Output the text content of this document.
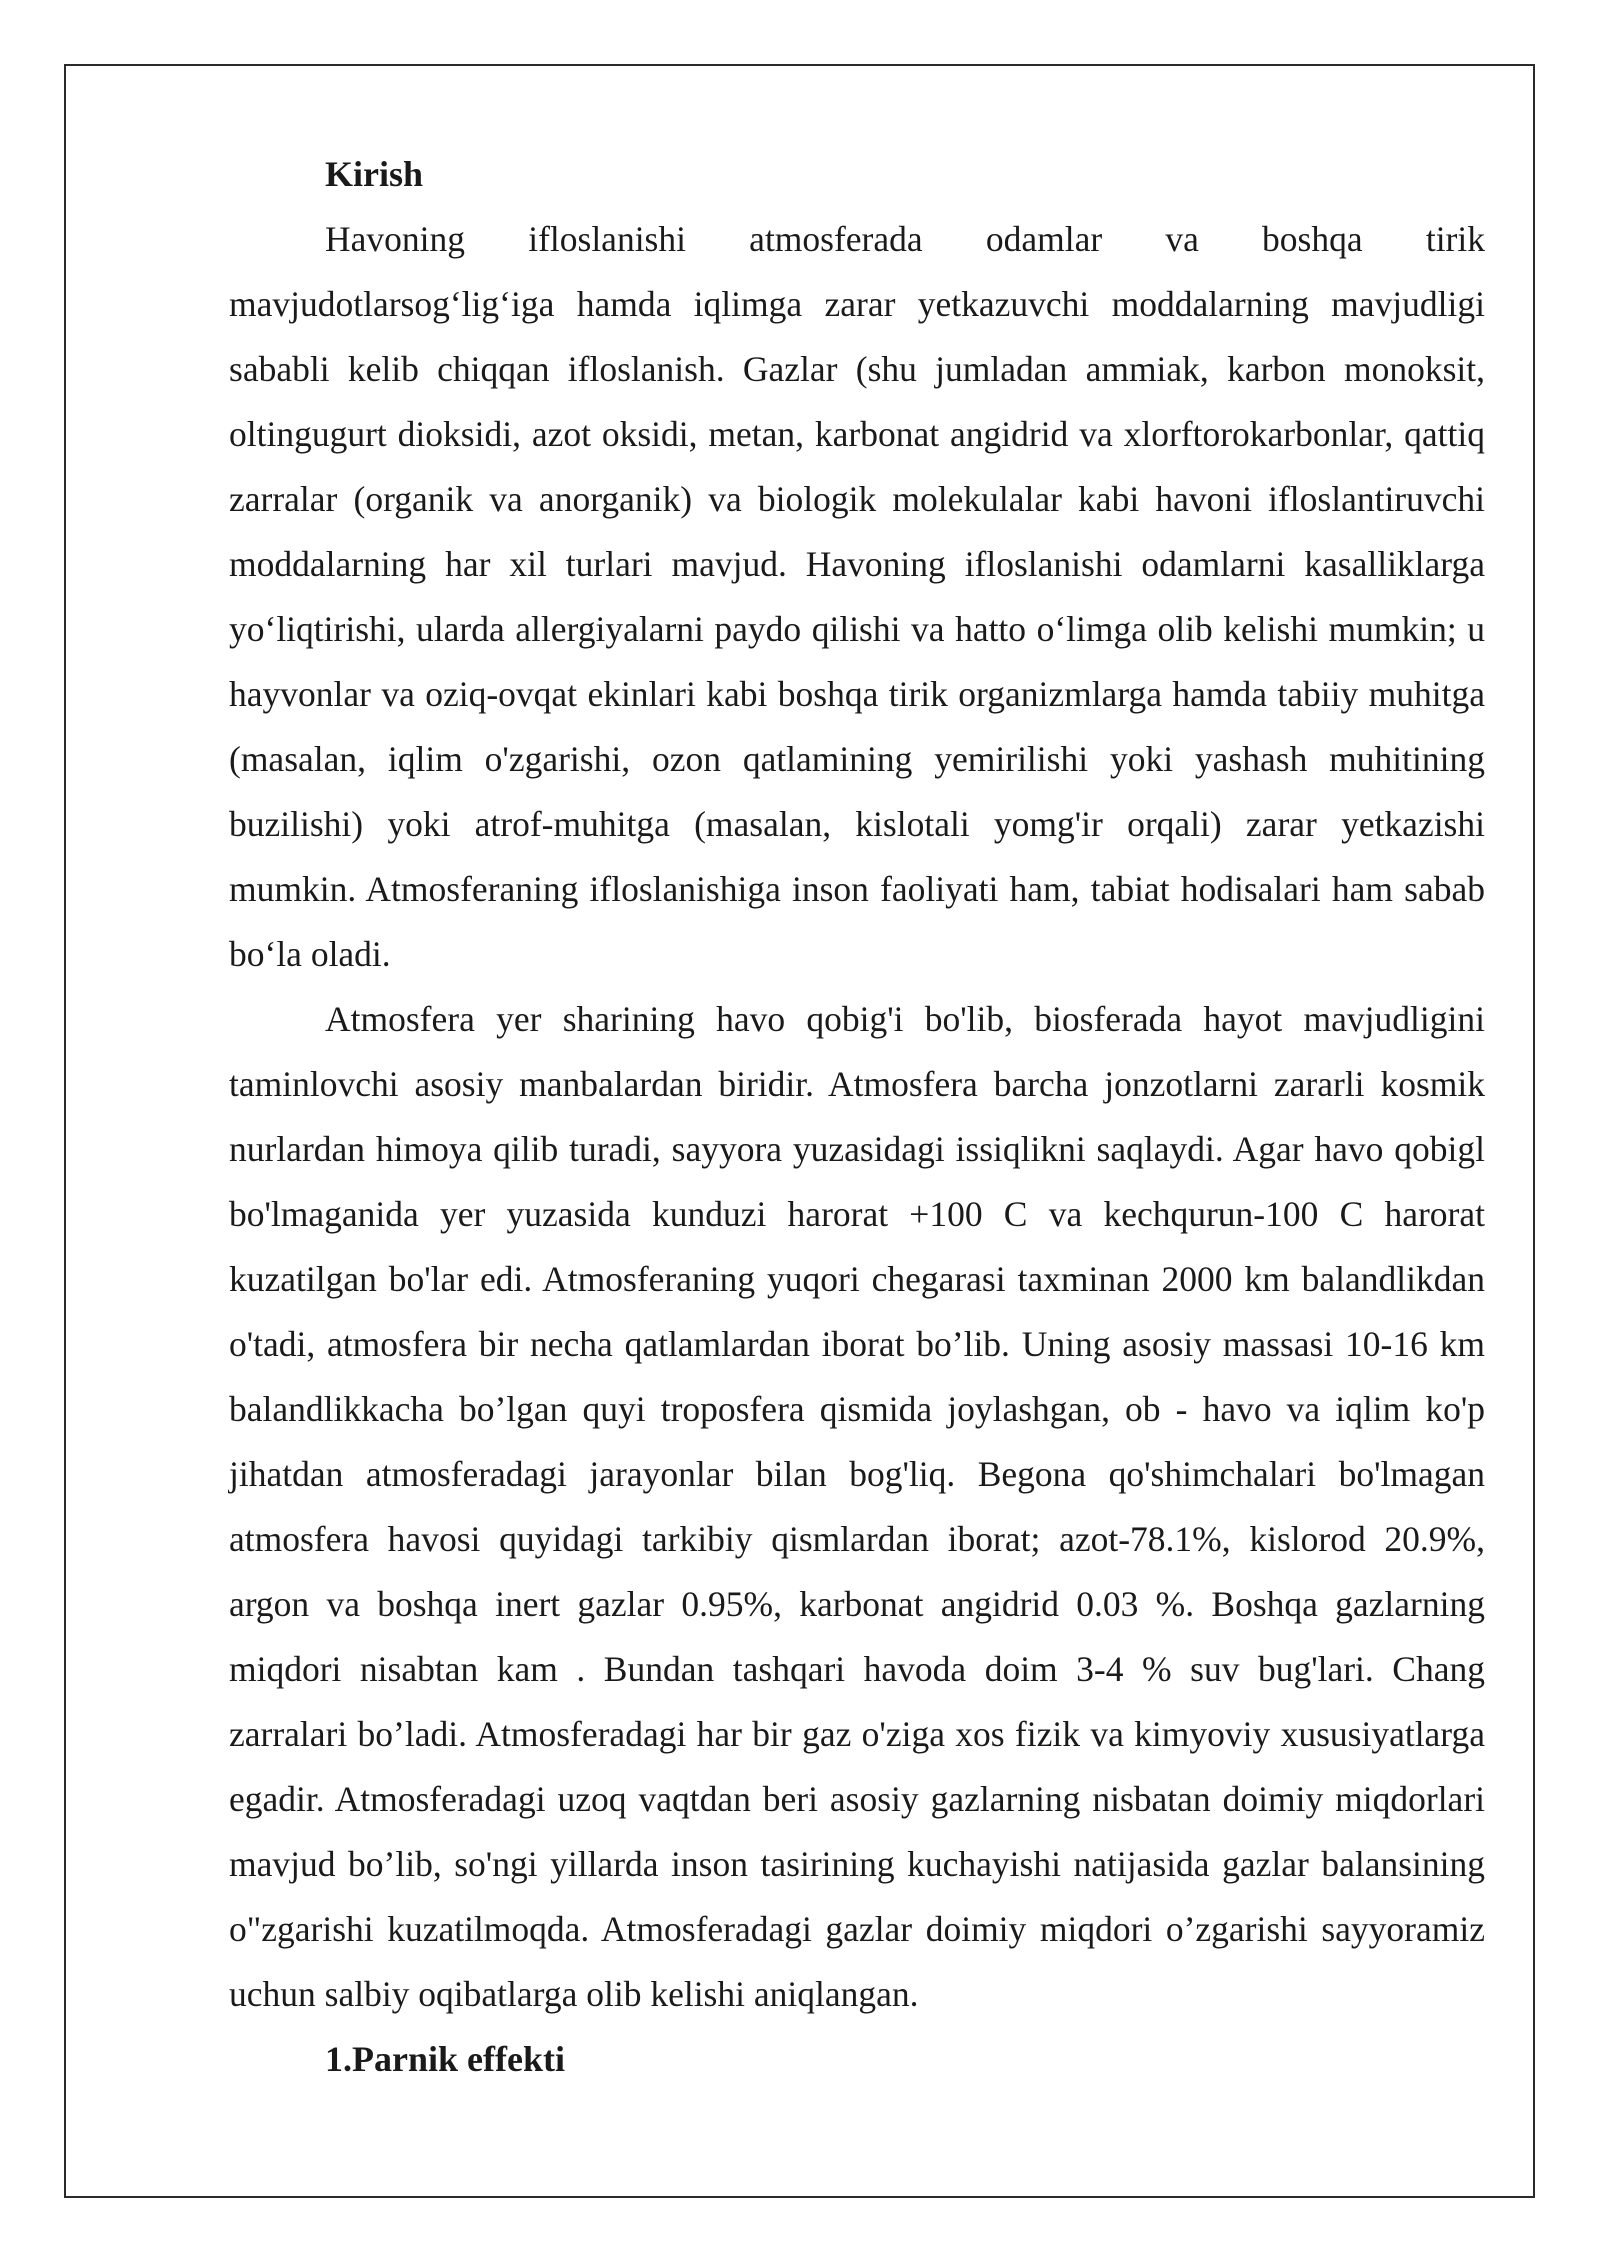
Kirish

Havoning ifloslanishi atmosferada odamlar va boshqa tirik mavjudotlarsog‘lig‘iga hamda iqlimga zarar yetkazuvchi moddalarning mavjudligi sababli kelib chiqqan ifloslanish. Gazlar (shu jumladan ammiak, karbon monoksit, oltingugurt dioksidi, azot oksidi, metan, karbonat angidrid va xlorftorokarbonlar, qattiq zarralar (organik va anorganik) va biologik molekulalar kabi havoni ifloslantiruvchi moddalarning har xil turlari mavjud. Havoning ifloslanishi odamlarni kasalliklarga yo‘liqtirishi, ularda allergiyalarni paydo qilishi va hatto o‘limga olib kelishi mumkin; u hayvonlar va oziq-ovqat ekinlari kabi boshqa tirik organizmlarga hamda tabiiy muhitga (masalan, iqlim o'zgarishi, ozon qatlamining yemirilishi yoki yashash muhitining buzilishi) yoki atrof-muhitga (masalan, kislotali yomg'ir orqali) zarar yetkazishi mumkin. Atmosferaning ifloslanishiga inson faoliyati ham, tabiat hodisalari ham sabab bo‘la oladi.

Atmosfera yer sharining havo qobig'i bo'lib, biosferada hayot mavjudligini taminlovchi asosiy manbalardan biridir. Atmosfera barcha jonzotlarni zararli kosmik nurlardan himoya qilib turadi, sayyora yuzasidagi issiqlikni saqlaydi. Agar havo qobigl bo'lmaganida yer yuzasida kunduzi harorat +100 C va kechqurun-100 C harorat kuzatilgan bo'lar edi. Atmosferaning yuqori chegarasi taxminan 2000 km balandlikdan o'tadi, atmosfera bir necha qatlamlardan iborat bo’lib. Uning asosiy massasi 10-16 km balandlikkacha bo’lgan quyi troposfera qismida joylashgan, ob - havo va iqlim ko'p jihatdan atmosferadagi jarayonlar bilan bog'liq. Begona qo'shimchalari bo'lmagan atmosfera havosi quyidagi tarkibiy qismlardan iborat; azot-78.1%, kislorod 20.9%, argon va boshqa inert gazlar 0.95%, karbonat angidrid 0.03 %. Boshqa gazlarning miqdori nisabtan kam . Bundan tashqari havoda doim 3-4 % suv bug'lari. Chang zarralari bo’ladi. Atmosferadagi har bir gaz o'ziga xos fizik va kimyoviy xususiyatlarga egadir. Atmosferadagi uzoq vaqtdan beri asosiy gazlarning nisbatan doimiy miqdorlari mavjud bo’lib, so'ngi yillarda inson tasirining kuchayishi natijasida gazlar balansining o"zgarishi kuzatilmoqda. Atmosferadagi gazlar doimiy miqdori o’zgarishi sayyoramiz uchun salbiy oqibatlarga olib kelishi aniqlangan.

1.Parnik effekti
